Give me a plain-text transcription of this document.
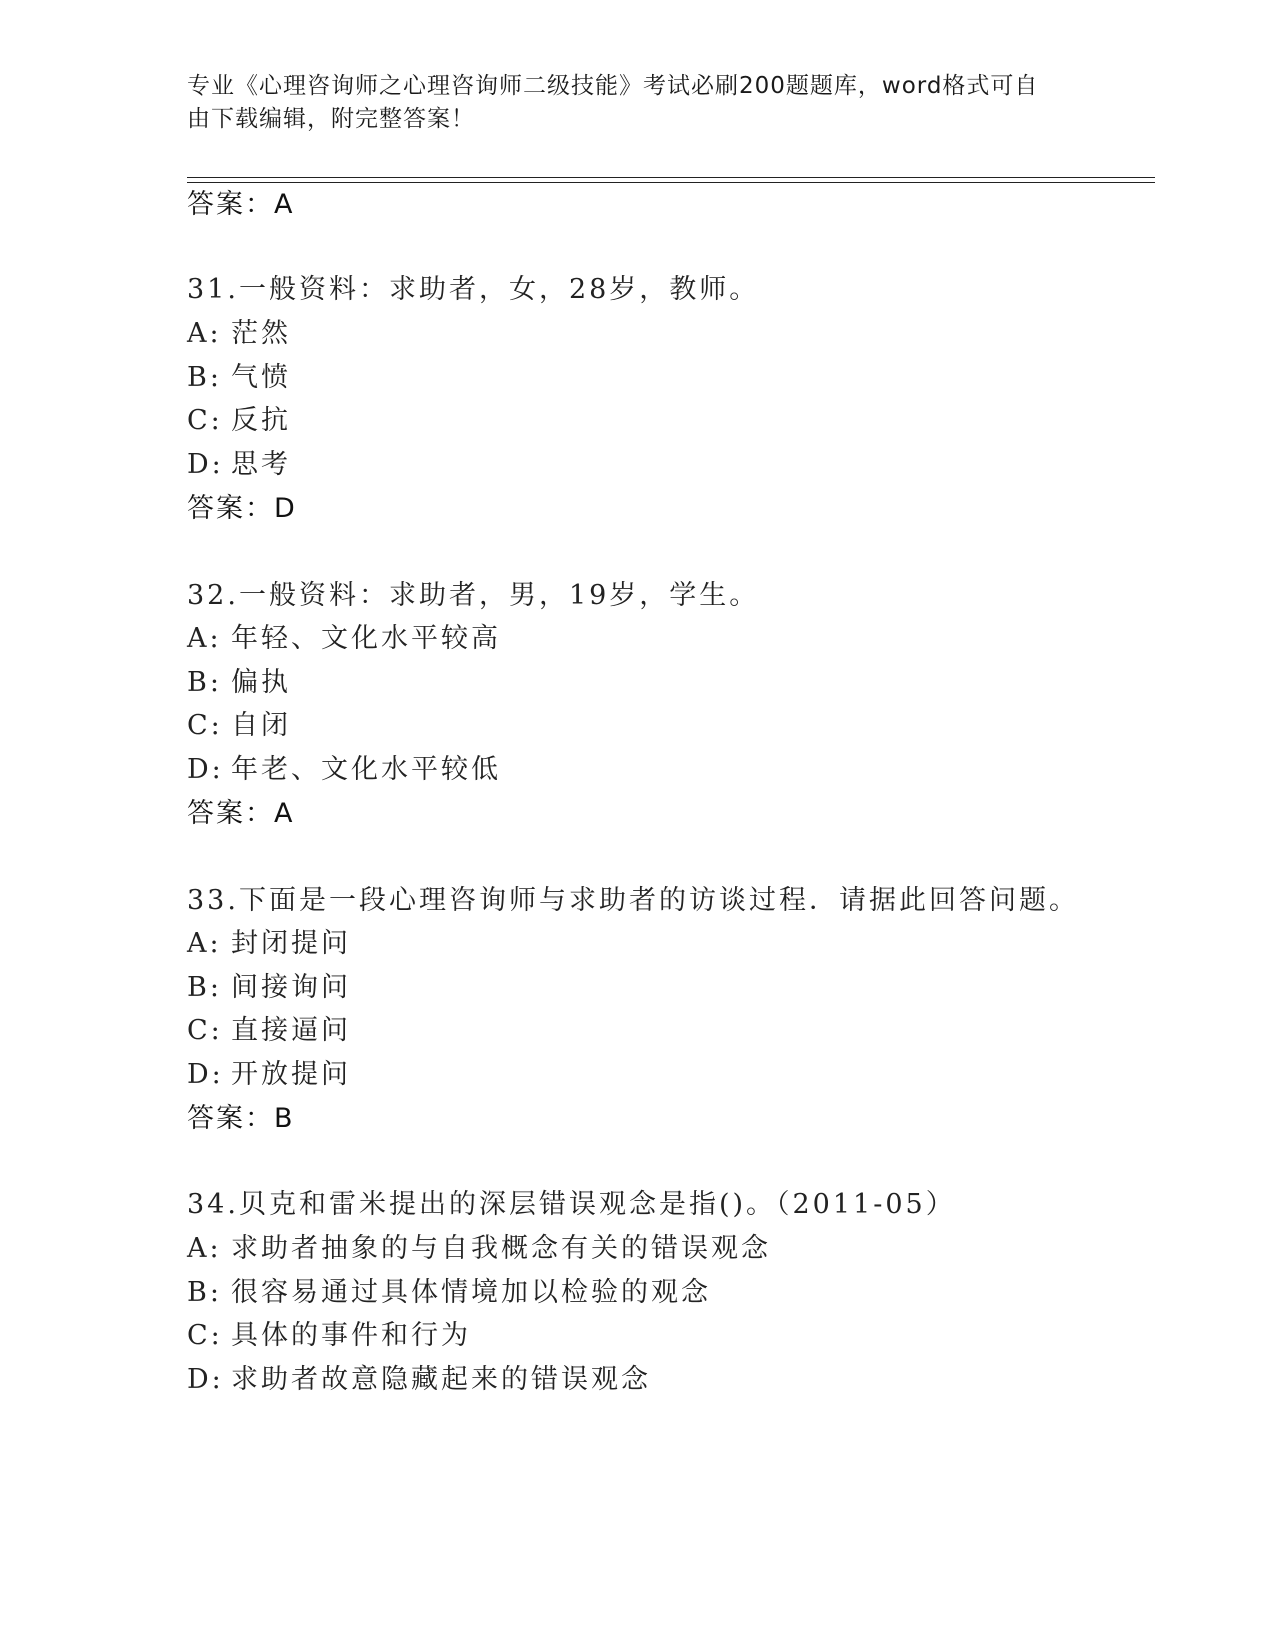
专业《心理咨询师之心理咨询师二级技能》考试必刷200题题库，word格式可自
由下载编辑，附完整答案！
答案：A
31.一般资料：求助者，女，28岁，教师。
A: 茫然
B: 气愤
C: 反抗
D: 思考
答案：D
32.一般资料：求助者，男，19岁，学生。
A: 年轻、文化水平较高
B: 偏执
C: 自闭
D: 年老、文化水平较低
答案：A
33.下面是一段心理咨询师与求助者的访谈过程．请据此回答问题。
A: 封闭提问
B: 间接询问
C: 直接逼问
D: 开放提问
答案：B
34.贝克和雷米提出的深层错误观念是指()。（2011-05）
A: 求助者抽象的与自我概念有关的错误观念
B: 很容易通过具体情境加以检验的观念
C: 具体的事件和行为
D: 求助者故意隐藏起来的错误观念
